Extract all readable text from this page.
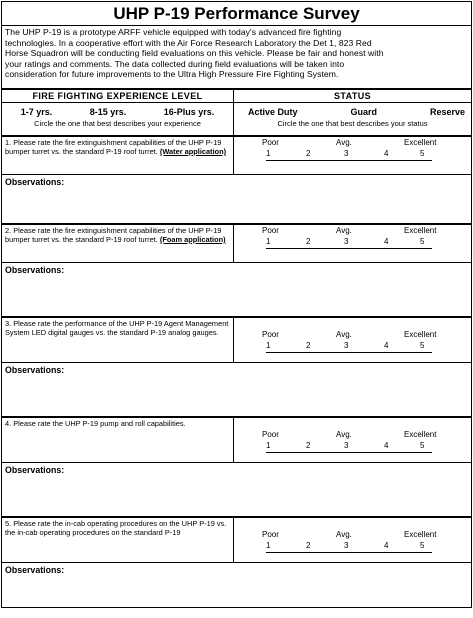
UHP P-19 Performance Survey

The UHP P-19 is a prototype ARFF vehicle equipped with today's advanced fire fighting

technologies. In a cooperative effort with the Air Force Research Laboratory the Det 1, 823 Red

Horse Squadron will be conducting field evaluations on this vehicle. Please be fair and honest with

your ratings and comments. The data collected during field evaluations will be taken into

consideration for future improvements to the Ultra High Pressure Fire Fighting System.

FIRE FIGHTING EXPERIENCE LEVEL
1-7 yrs.	8-15 yrs.	16-Plus yrs.
Circle the one that best describes your experience
STATUS
Active Duty	Guard	Reserve
Circle the one that best describes your status
1. Please rate the fire extinguishment capabilities of the UHP P-19 bumper turret vs. the standard P-19 roof turret. (Water application)
Poor	Avg.	Excellent
1	2	3	4	5
Observations:
2. Please rate the fire extinguishment capabilities of the UHP P-19 bumper turret vs. the standard P-19 roof turret. (Foam application)
Poor	Avg.	Excellent
1	2	3	4	5
Observations:
3. Please rate the performance of the UHP P-19 Agent Management System LED digital gauges vs. the standard P-19 analog gauges.	Poor	Avg.	Excellent
1	2	3	4	5
Observations:
4. Please rate the UHP P-19 pump and roll capabilities.
Poor	Avg.	Excellent
1	2	3	4	5
Observations:
5. Please rate the in-cab operating procedures on the UHP P-19 vs. the in-cab operating procedures on the standard P-19	Poor	Avg.	Excellent
1	2	3	4	5
Observations:
